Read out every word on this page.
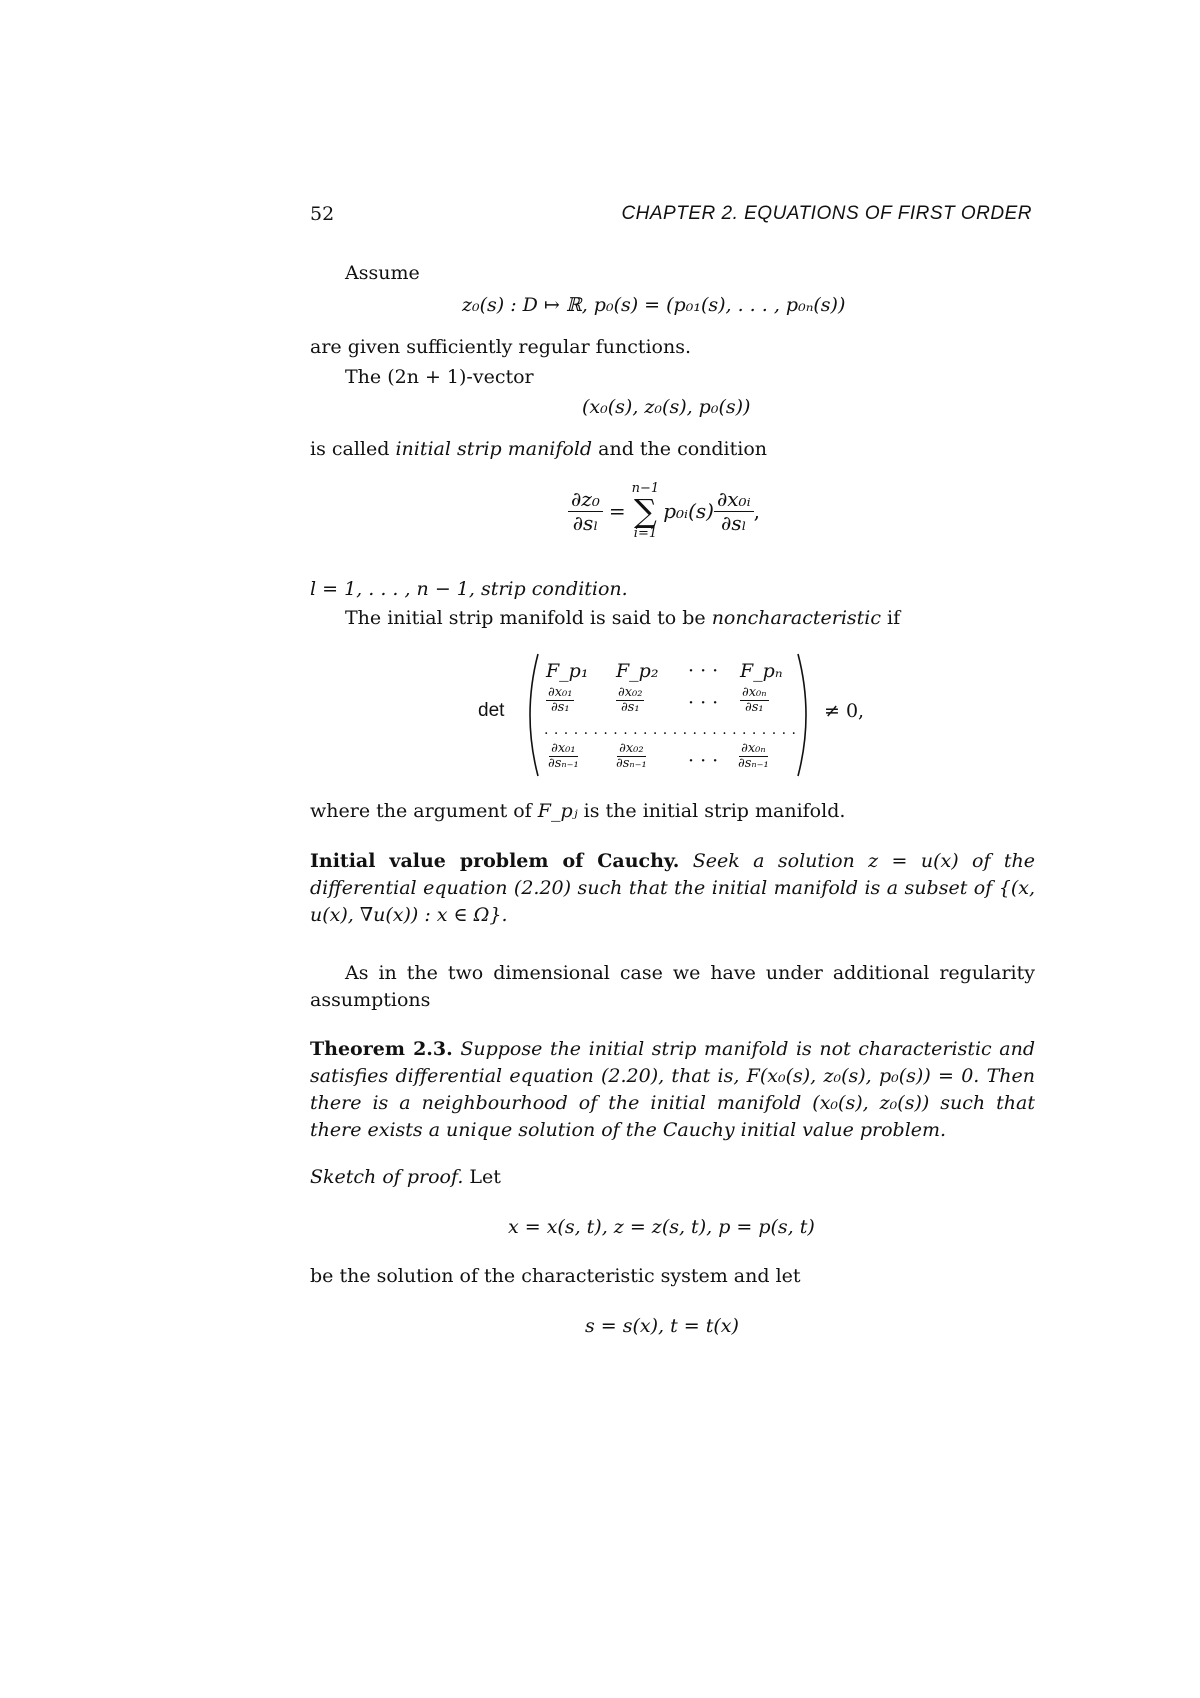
52	CHAPTER 2. EQUATIONS OF FIRST ORDER
Assume
z₀(s) : D ↦ ℝ, p₀(s) = (p₀₁(s), . . . , p₀ₙ(s))
are given sufficiently regular functions.
The (2n + 1)-vector
(x₀(s), z₀(s), p₀(s))
is called initial strip manifold and the condition
$\frac{\text{∂z₀}}{\text{∂sₗ}}$ =
n−1
∑
i=1
p₀ᵢ(s) $\frac{\text{∂x₀ᵢ}}{\text{∂sₗ}}$ ,
l = 1, . . . , n − 1, strip condition.
The initial strip manifold is said to be noncharacteristic if
det
F_p₁ F_p₂ · · · F_pₙ
$\frac{\text{∂x₀₁}}{\text{∂s₁}}$	$\frac{\text{∂x₀₂}}{\text{∂s₁}}$ · · · $\frac{\text{∂x₀ₙ}}{\text{∂s₁}}$
. . . . . . . . . . . . . . . . . . . . . . . . . .
$\frac{\text{∂x₀₁}}{\text{∂sₙ₋₁}}$	$\frac{\text{∂x₀₂}}{\text{∂sₙ₋₁}}$ · · · $\frac{\text{∂x₀ₙ}}{\text{∂sₙ₋₁}}$
≠ 0,
where the argument of F_pⱼ is the initial strip manifold.
Initial value problem of Cauchy. Seek a solution z = u(x) of the differential equation (2.20) such that the initial manifold is a subset of {(x, u(x), ∇u(x)) : x ∈ Ω}.
As in the two dimensional case we have under additional regularity assumptions
Theorem 2.3. Suppose the initial strip manifold is not characteristic and satisfies differential equation (2.20), that is, F(x₀(s), z₀(s), p₀(s)) = 0. Then there is a neighbourhood of the initial manifold (x₀(s), z₀(s)) such that there exists a unique solution of the Cauchy initial value problem.
Sketch of proof. Let
x = x(s, t), z = z(s, t), p = p(s, t)
be the solution of the characteristic system and let
s = s(x), t = t(x)
